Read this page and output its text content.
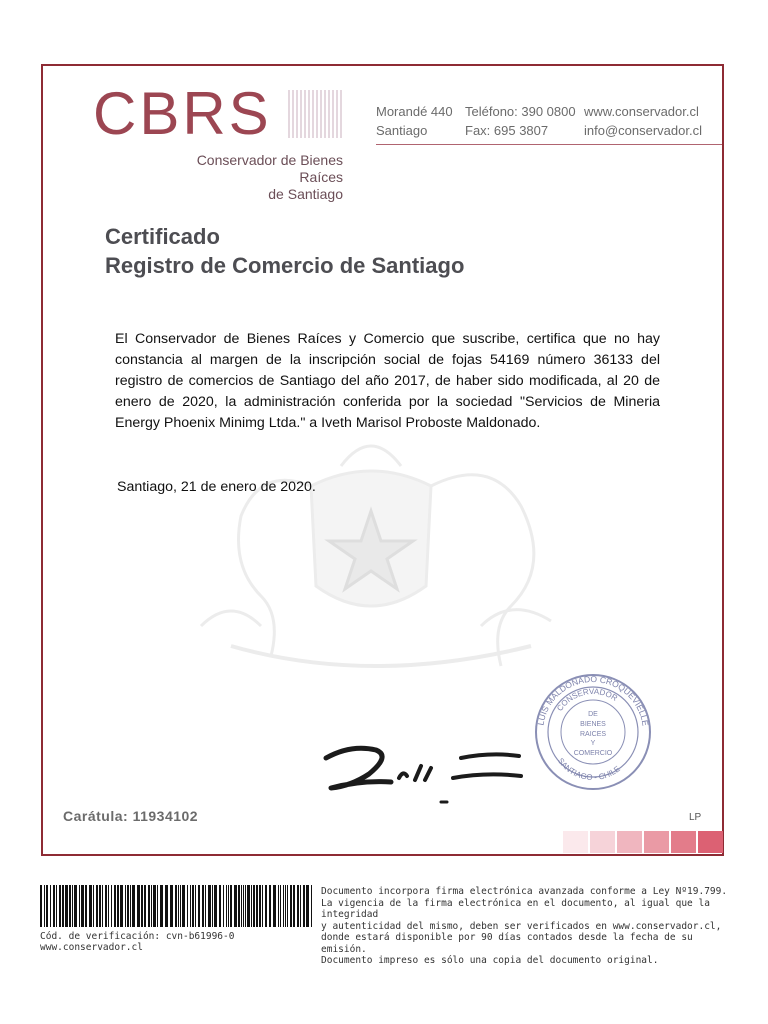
CBRS
Conservador de Bienes Raíces
de Santiago
Morandé 440
Santiago
Teléfono: 390 0800
Fax: 695 3807
www.conservador.cl
info@conservador.cl
Certificado
Registro de Comercio de Santiago
El Conservador de Bienes Raíces y Comercio que suscribe, certifica que no hay constancia al margen de la inscripción social de fojas 54169 número 36133 del registro de comercios de Santiago del año 2017, de haber sido modificada, al 20 de enero de 2020, la administración conferida por la sociedad "Servicios de Mineria Energy Phoenix Minimg Ltda." a Iveth Marisol Proboste Maldonado.
Santiago, 21 de enero de 2020.
LUIS MALDONADO CROQUEVIELLE
CONSERVADOR
SANTIAGO - CHILE
DE
BIENES
RAICES
Y
COMERCIO
Carátula: 11934102	LP
Cód. de verificación: cvn-b61996-0
www.conservador.cl
Documento incorpora firma electrónica avanzada conforme a Ley Nº19.799.
La vigencia de la firma electrónica en el documento, al igual que la integridad
y autenticidad del mismo, deben ser verificados en www.conservador.cl,
donde estará disponible por 90 días contados desde la fecha de su emisión.
Documento impreso es sólo una copia del documento original.
